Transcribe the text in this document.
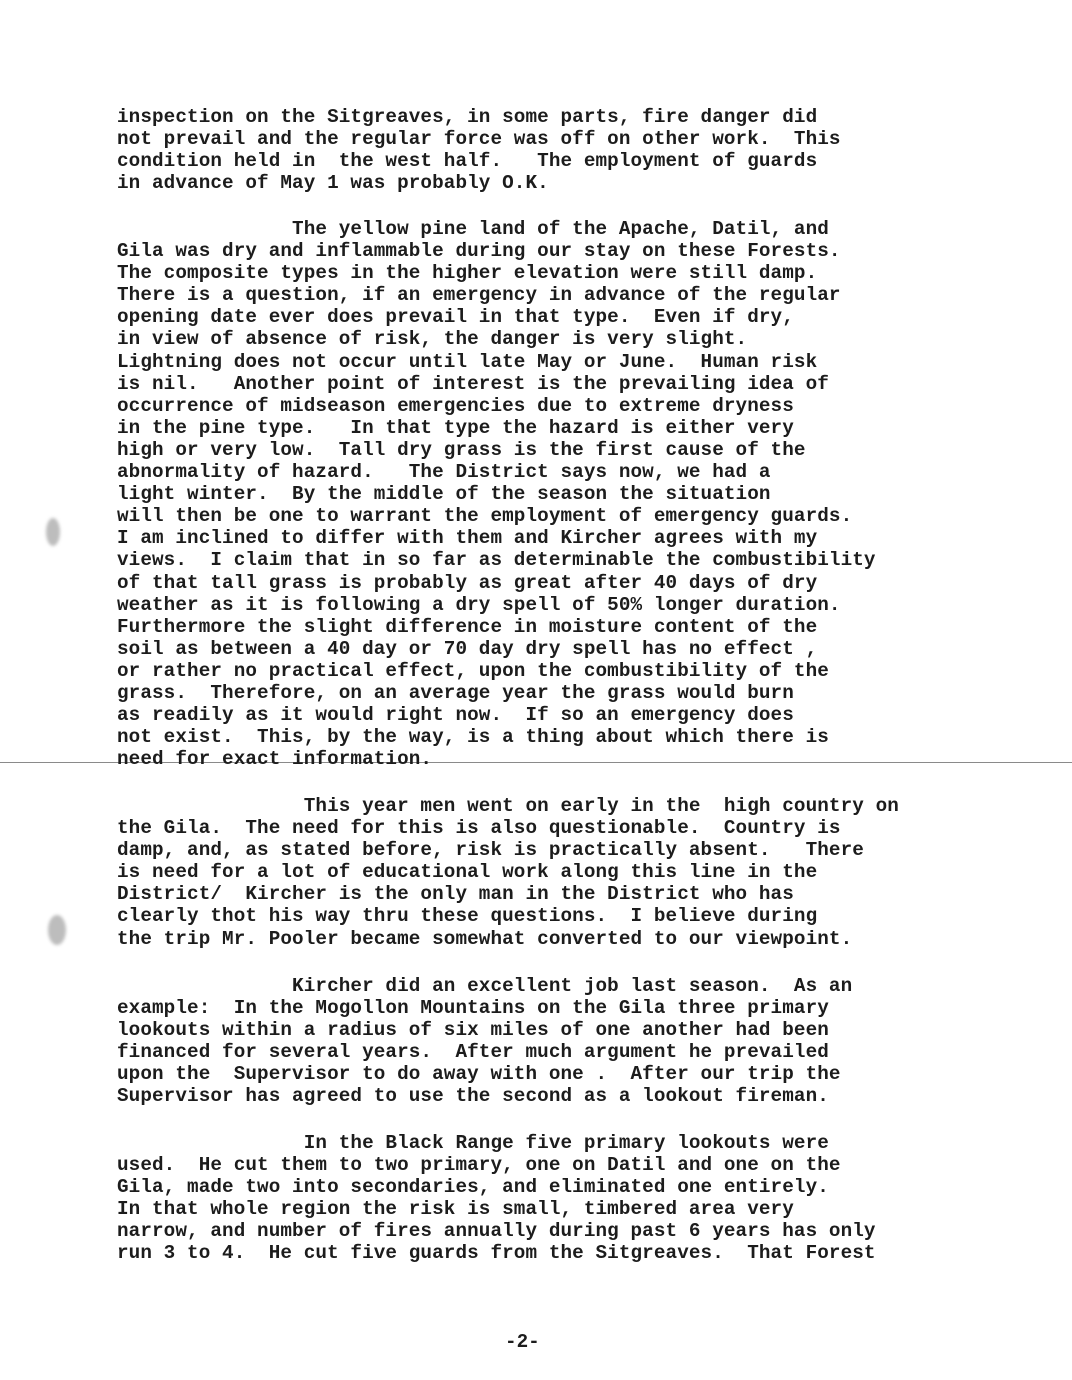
inspection on the Sitgreaves, in some parts, fire danger did
not prevail and the regular force was off on other work.  This
condition held in  the west half.   The employment of guards
in advance of May 1 was probably O.K.
The yellow pine land of the Apache, Datil, and
Gila was dry and inflammable during our stay on these Forests.
The composite types in the higher elevation were still damp.
There is a question, if an emergency in advance of the regular
opening date ever does prevail in that type.  Even if dry,
in view of absence of risk, the danger is very slight.
Lightning does not occur until late May or June.  Human risk
is nil.   Another point of interest is the prevailing idea of
occurrence of midseason emergencies due to extreme dryness
in the pine type.   In that type the hazard is either very
high or very low.  Tall dry grass is the first cause of the
abnormality of hazard.   The District says now, we had a
light winter.  By the middle of the season the situation
will then be one to warrant the employment of emergency guards.
I am inclined to differ with them and Kircher agrees with my
views.  I claim that in so far as determinable the combustibility
of that tall grass is probably as great after 40 days of dry
weather as it is following a dry spell of 50% longer duration.
Furthermore the slight difference in moisture content of the
soil as between a 40 day or 70 day dry spell has no effect ,
or rather no practical effect, upon the combustibility of the
grass.  Therefore, on an average year the grass would burn
as readily as it would right now.  If so an emergency does
not exist.  This, by the way, is a thing about which there is
need for exact information.
This year men went on early in the  high country on
the Gila.  The need for this is also questionable.  Country is
damp, and, as stated before, risk is practically absent.   There
is need for a lot of educational work along this line in the
District/  Kircher is the only man in the District who has
clearly thot his way thru these questions.  I believe during
the trip Mr. Pooler became somewhat converted to our viewpoint.
Kircher did an excellent job last season.  As an
example:  In the Mogollon Mountains on the Gila three primary
lookouts within a radius of six miles of one another had been
financed for several years.  After much argument he prevailed
upon the  Supervisor to do away with one .  After our trip the
Supervisor has agreed to use the second as a lookout fireman.
In the Black Range five primary lookouts were
used.  He cut them to two primary, one on Datil and one on the
Gila, made two into secondaries, and eliminated one entirely.
In that whole region the risk is small, timbered area very
narrow, and number of fires annually during past 6 years has only
run 3 to 4.  He cut five guards from the Sitgreaves.  That Forest
-2-
